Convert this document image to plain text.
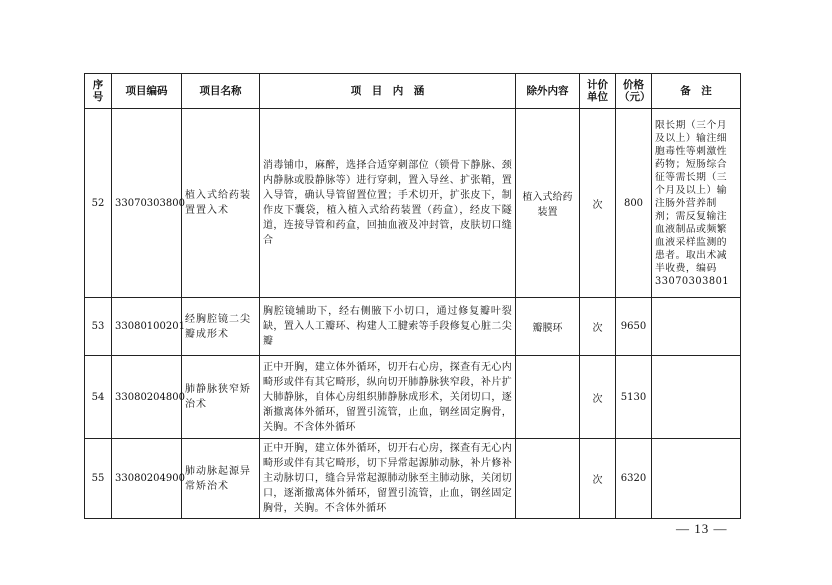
序号	项目编码	项目名称	项　目　内　涵	除外内容	计价单位	价格（元）	备　注
52	33070303800	植入式给药装置置入术	消毒铺巾，麻醉，选择合适穿刺部位（锁骨下静脉、颈内静脉或股静脉等）进行穿刺，置入导丝、扩张鞘，置入导管，确认导管留置位置；手术切开，扩张皮下，制作皮下囊袋，植入植入式给药装置（药盒），经皮下隧道，连接导管和药盒，回抽血液及冲封管，皮肤切口缝合	植入式给药装置	次	800	限长期（三个月及以上）输注细胞毒性等刺激性药物；短肠综合征等需长期（三个月及以上）输注肠外营养制剂；需反复输注血液制品或频繁血液采样监测的患者。取出术减半收费，编码33070303801
53	33080100201	经胸腔镜二尖瓣成形术	胸腔镜辅助下，经右侧腋下小切口，通过修复瓣叶裂缺，置入人工瓣环、构建人工腱索等手段修复心脏二尖瓣	瓣膜环	次	9650	
54	33080204800	肺静脉狭窄矫治术	正中开胸，建立体外循环，切开右心房，探查有无心内畸形或伴有其它畸形，纵向切开肺静脉狭窄段，补片扩大肺静脉，自体心房组织肺静脉成形术，关闭切口，逐渐撤离体外循环，留置引流管，止血，钢丝固定胸骨，关胸。不含体外循环		次	5130	
55	33080204900	肺动脉起源异常矫治术	正中开胸，建立体外循环，切开右心房，探查有无心内畸形或伴有其它畸形，切下异常起源肺动脉，补片修补主动脉切口，缝合异常起源肺动脉至主肺动脉，关闭切口，逐渐撤离体外循环，留置引流管，止血，钢丝固定胸骨，关胸。不含体外循环		次	6320	
— 13 —
